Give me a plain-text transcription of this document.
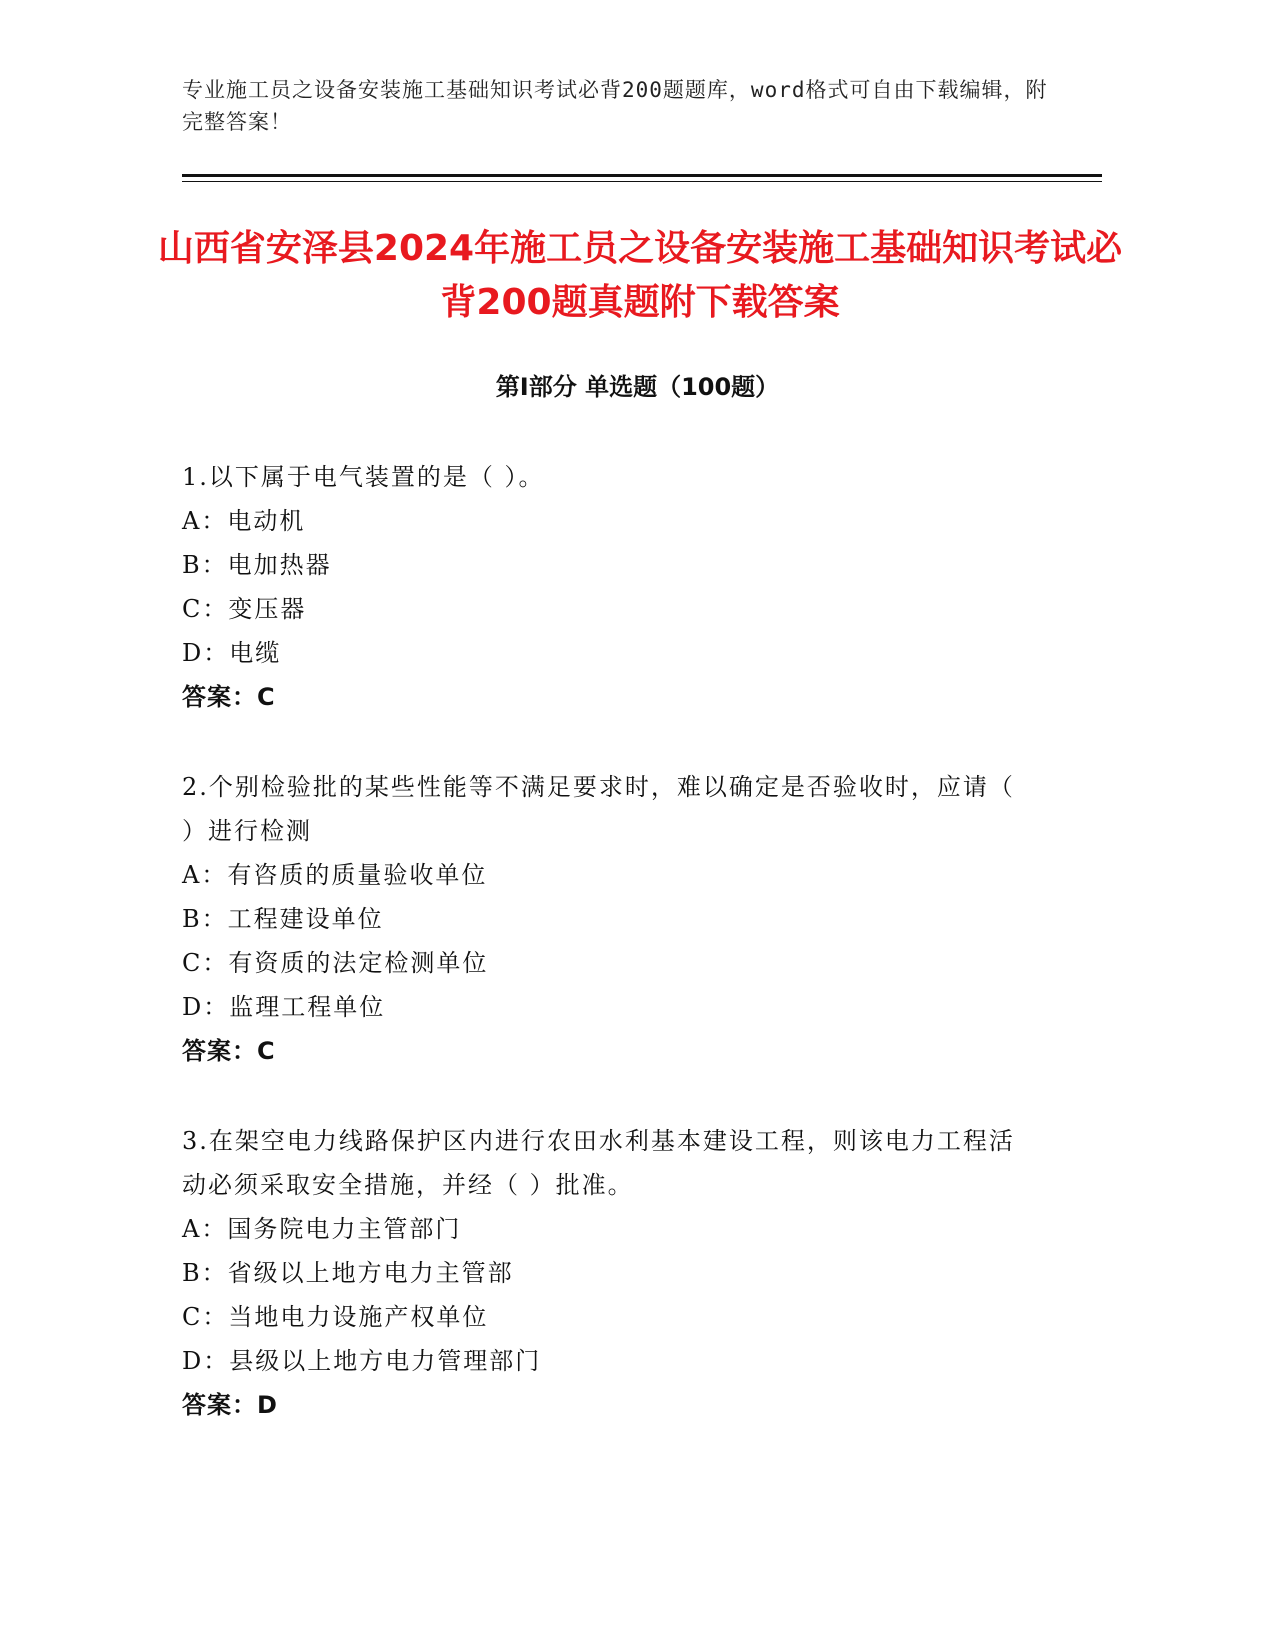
专业施工员之设备安装施工基础知识考试必背200题题库，word格式可自由下载编辑，附完整答案！
山西省安泽县2024年施工员之设备安装施工基础知识考试必背200题真题附下载答案
第Ⅰ部分 单选题（100题）
1.以下属于电气装置的是（ ）。
A：电动机
B：电加热器
C：变压器
D：电缆
答案：C
2.个别检验批的某些性能等不满足要求时，难以确定是否验收时，应请（ ）进行检测
A：有咨质的质量验收单位
B：工程建设单位
C：有资质的法定检测单位
D：监理工程单位
答案：C
3.在架空电力线路保护区内进行农田水利基本建设工程，则该电力工程活动必须采取安全措施，并经（ ）批准。
A：国务院电力主管部门
B：省级以上地方电力主管部
C：当地电力设施产权单位
D：县级以上地方电力管理部门
答案：D
